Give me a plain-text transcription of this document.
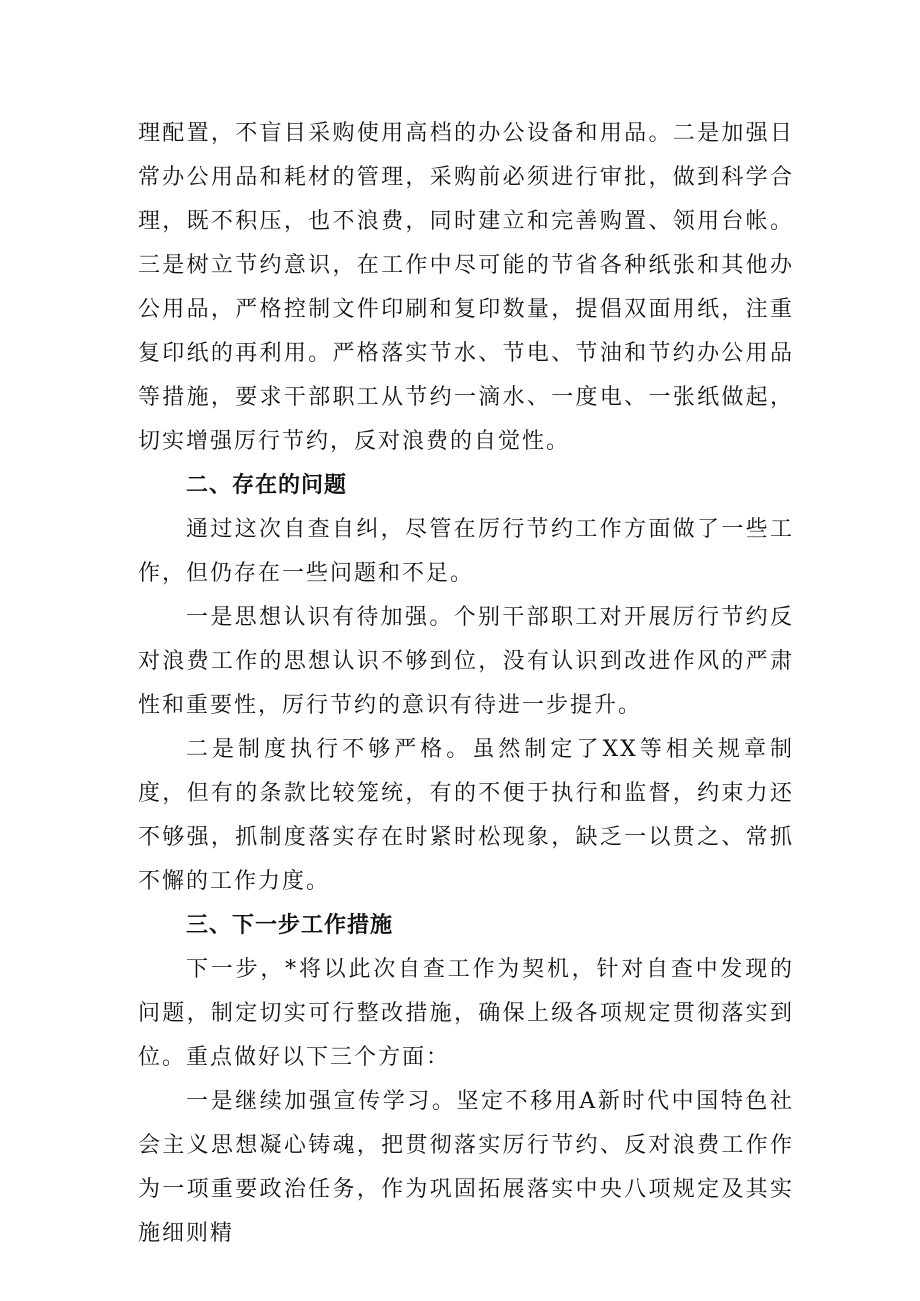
理配置，不盲目采购使用高档的办公设备和用品。二是加强日常办公用品和耗材的管理，采购前必须进行审批，做到科学合理，既不积压，也不浪费，同时建立和完善购置、领用台帐。三是树立节约意识，在工作中尽可能的节省各种纸张和其他办公用品，严格控制文件印刷和复印数量，提倡双面用纸，注重复印纸的再利用。严格落实节水、节电、节油和节约办公用品等措施，要求干部职工从节约一滴水、一度电、一张纸做起，切实增强厉行节约，反对浪费的自觉性。

二、存在的问题

通过这次自查自纠，尽管在厉行节约工作方面做了一些工作，但仍存在一些问题和不足。

一是思想认识有待加强。个别干部职工对开展厉行节约反对浪费工作的思想认识不够到位，没有认识到改进作风的严肃性和重要性，厉行节约的意识有待进一步提升。

二是制度执行不够严格。虽然制定了XX等相关规章制度，但有的条款比较笼统，有的不便于执行和监督，约束力还不够强，抓制度落实存在时紧时松现象，缺乏一以贯之、常抓不懈的工作力度。

三、下一步工作措施

下一步，*将以此次自查工作为契机，针对自查中发现的问题，制定切实可行整改措施，确保上级各项规定贯彻落实到位。重点做好以下三个方面：

一是继续加强宣传学习。坚定不移用A新时代中国特色社会主义思想凝心铸魂，把贯彻落实厉行节约、反对浪费工作作为一项重要政治任务，作为巩固拓展落实中央八项规定及其实施细则精
